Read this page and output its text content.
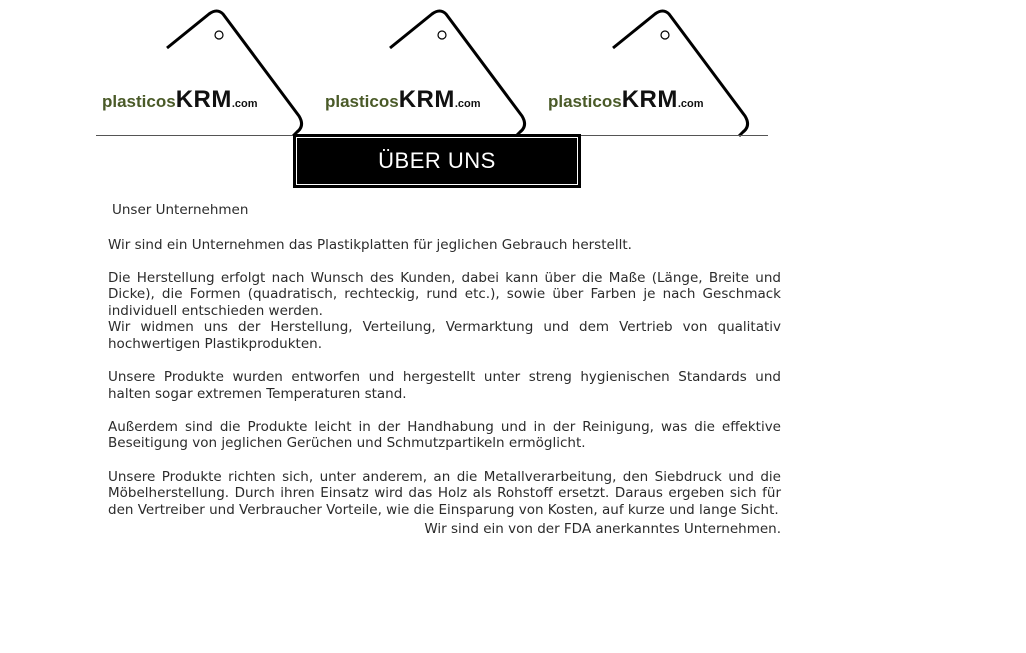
plasticosKRM.com	plasticosKRM.com	plasticosKRM.com
ÜBER UNS
Unser Unternehmen

Wir sind ein Unternehmen das Plastikplatten für jeglichen Gebrauch herstellt.

Die Herstellung erfolgt nach Wunsch des Kunden, dabei kann über die Maße (Länge, Breite und Dicke), die Formen (quadratisch, rechteckig, rund etc.), sowie über Farben je nach Geschmack individuell entschieden werden.

Wir widmen uns der Herstellung, Verteilung, Vermarktung und dem Vertrieb von qualitativ hochwertigen Plastikprodukten.

Unsere Produkte wurden entworfen und hergestellt unter streng hygienischen Standards und halten sogar extremen Temperaturen stand.

Außerdem sind die Produkte leicht in der Handhabung und in der Reinigung, was die effektive Beseitigung von jeglichen Gerüchen und Schmutzpartikeln ermöglicht.

Unsere Produkte richten sich, unter anderem, an die Metallverarbeitung, den Siebdruck und die Möbelherstellung. Durch ihren Einsatz wird das Holz als Rohstoff ersetzt. Daraus ergeben sich für den Vertreiber und Verbraucher Vorteile, wie die Einsparung von Kosten, auf kurze und lange Sicht.

Wir sind ein von der FDA anerkanntes Unternehmen.
